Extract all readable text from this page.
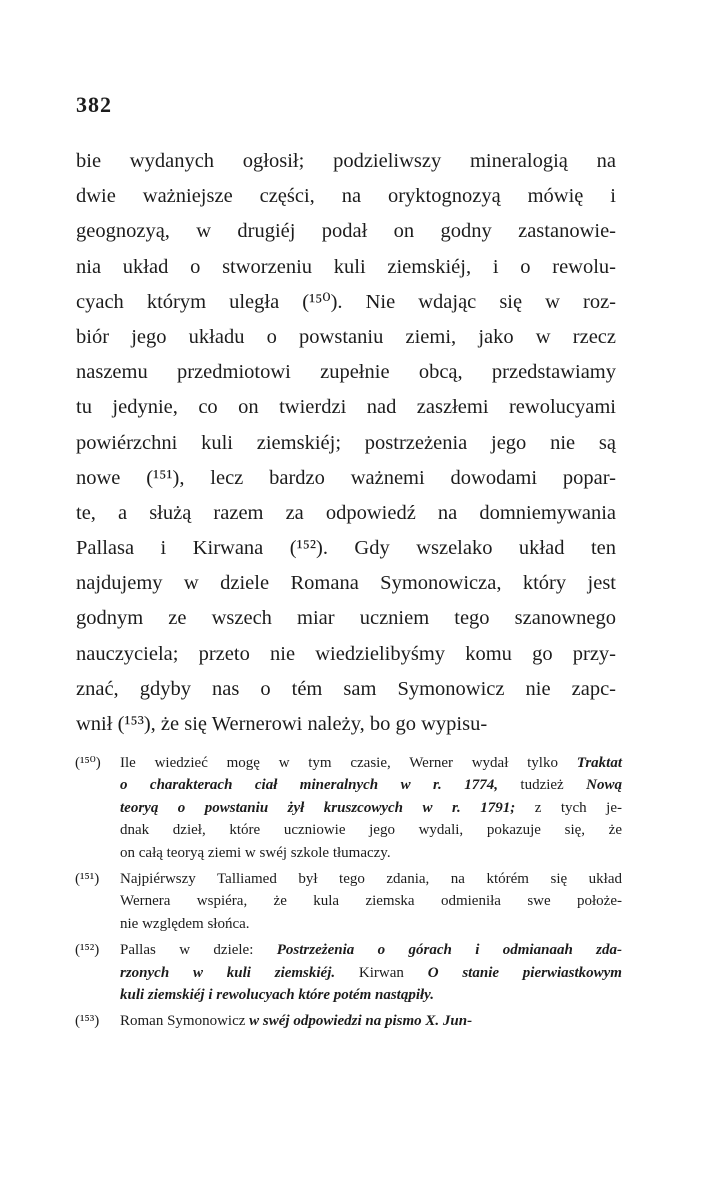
382
bie wydanych ogłosił; podzieliwszy mineralogią na
dwie ważniejsze części, na oryktognozyą mówię i
geognozyą, w drugiéj podał on godny zastanowie-
nia układ o stworzeniu kuli ziemskiéj, i o rewolu-
cyach którym uległa (¹⁵⁰). Nie wdając się w roz-
biór jego układu o powstaniu ziemi, jako w rzecz
naszemu przedmiotowi zupełnie obcą, przedstawiamy
tu jedynie, co on twierdzi nad zaszłemi rewolucyami
powiérzchni kuli ziemskiéj; postrzeżenia jego nie są
nowe (¹⁵¹), lecz bardzo ważnemi dowodami popar-
te, a służą razem za odpowiedź na domniemywania
Pallasa i Kirwana (¹⁵²). Gdy wszelako układ ten
najdujemy w dziele Romana Symonowicza, który jest
godnym ze wszech miar uczniem tego szanownego
nauczyciela; przeto nie wiedzielibyśmy komu go przy-
znać, gdyby nas o tém sam Symonowicz nie zapc-
wnił (¹⁵³), że się Wernerowi należy, bo go wypisu-
(¹⁵⁰) Ile wiedzieć mogę w tym czasie, Werner wydał tylko Traktat
o charakterach ciał mineralnych w r. 1774, tudzież Nową
teoryą o powstaniu żył kruszcowych w r. 1791; z tych je-
dnak dzieł, które uczniowie jego wydali, pokazuje się, że
on całą teoryą ziemi w swéj szkole tłumaczy.
(¹⁵¹) Najpiérwszy Talliamed był tego zdania, na którém się układ
Wernera wspiéra, że kula ziemska odmieniła swe położe-
nie względem słońca.
(¹⁵²) Pallas w dziele: Postrzeżenia o górach i odmianaah zda-
rzonych w kuli ziemskiéj. Kirwan O stanie pierwiastkowym
kuli ziemskiéj i rewolucyach które potém nastąpiły.
(¹⁵³) Roman Symonowicz w swéj odpowiedzi na pismo X. Jun-
